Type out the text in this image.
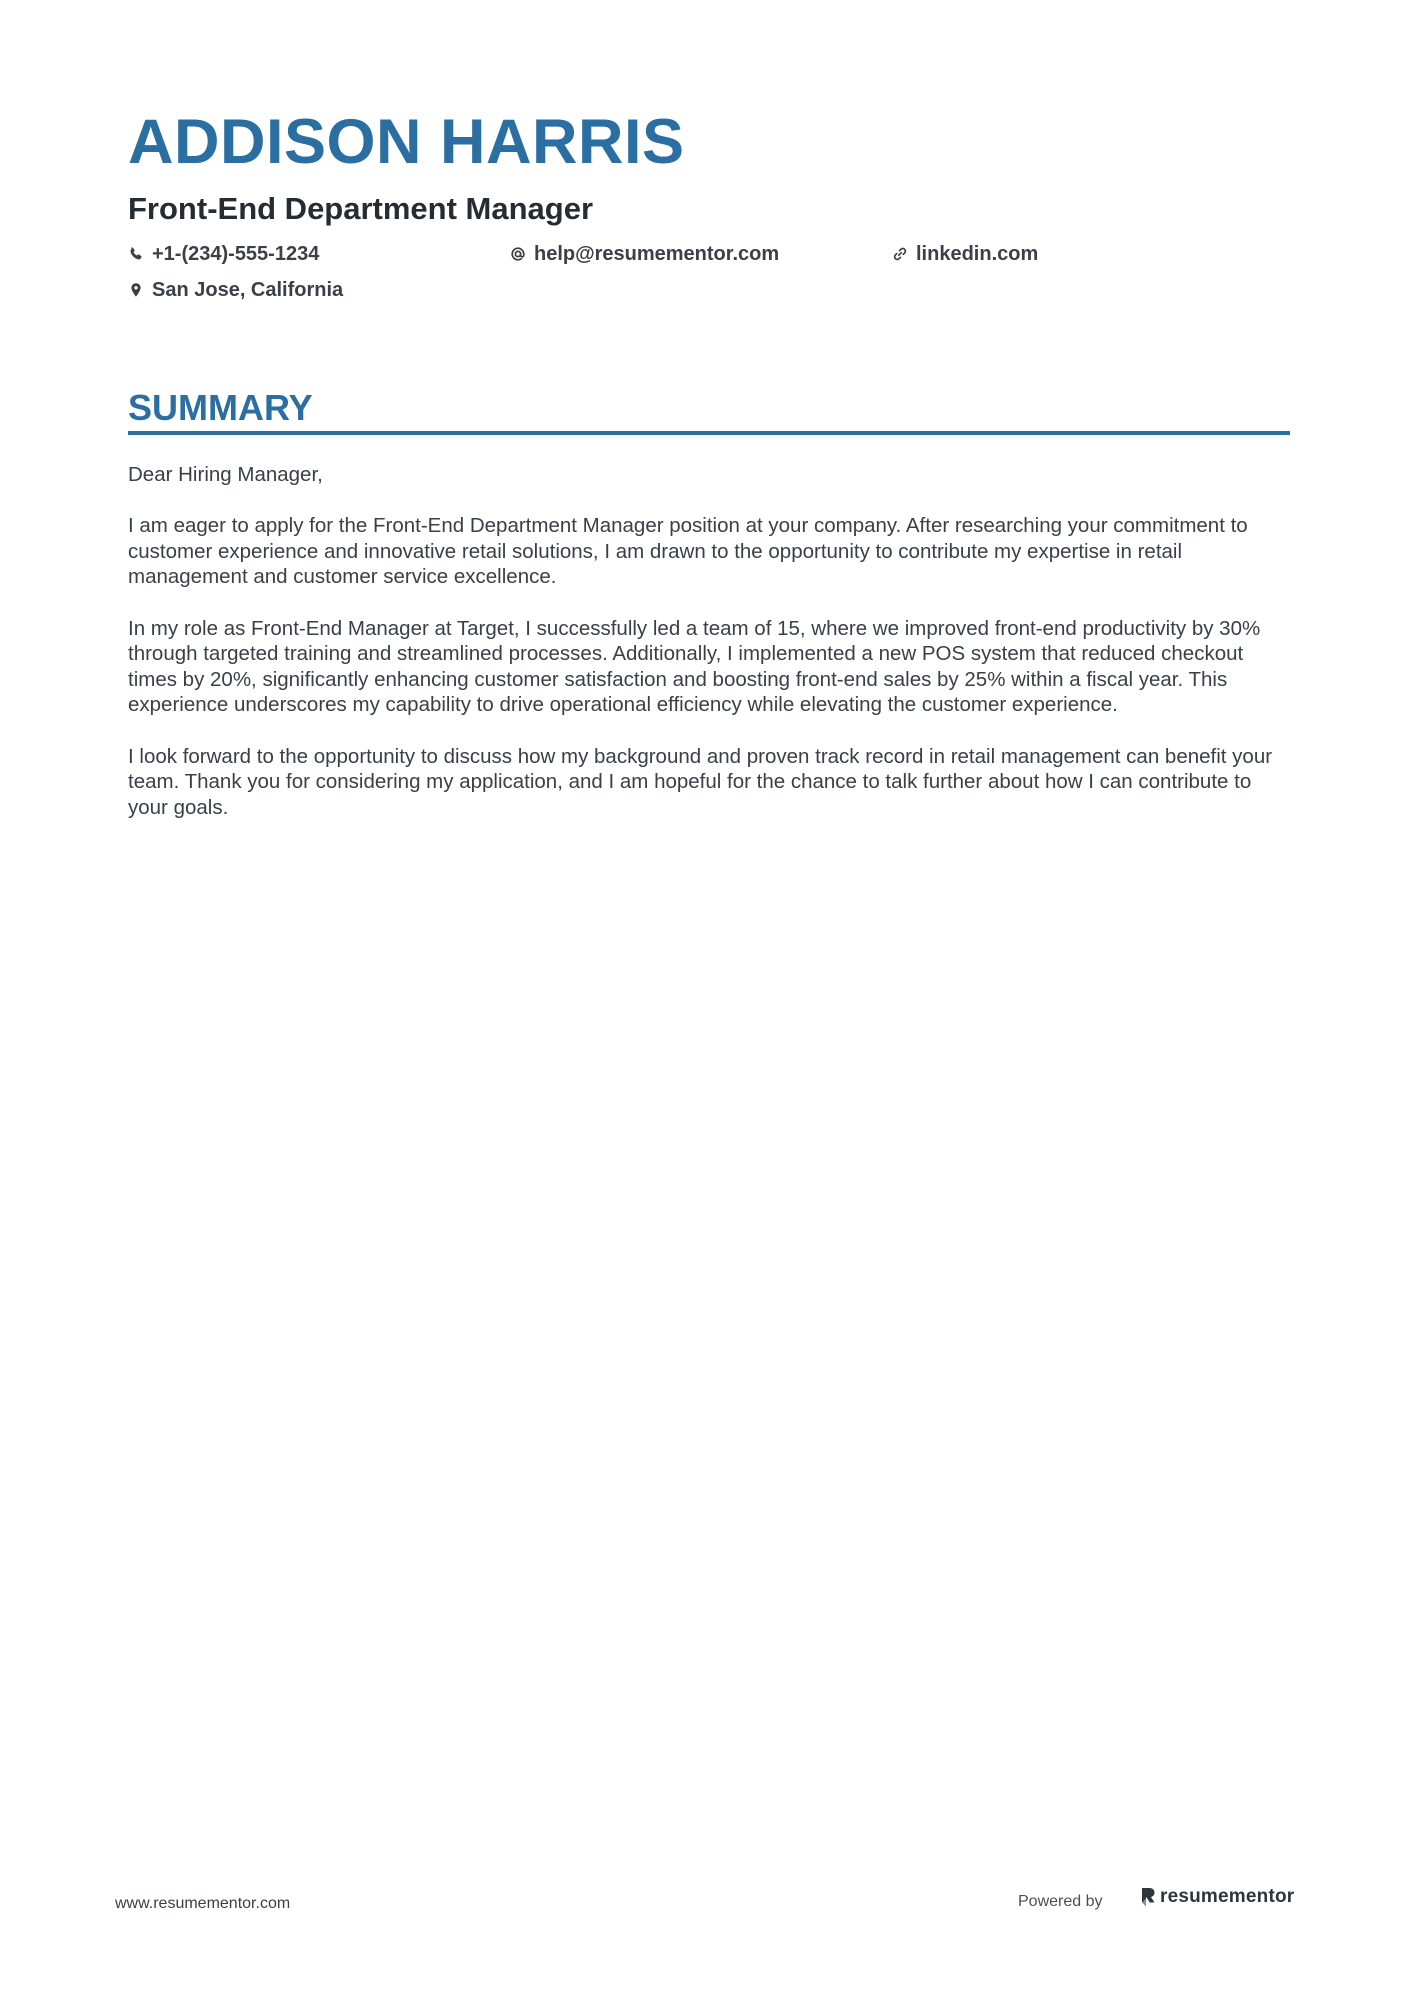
ADDISON HARRIS
Front-End Department Manager
+1-(234)-555-1234	help@resumementor.com	linkedin.com
San Jose, California
SUMMARY

Dear Hiring Manager,

I am eager to apply for the Front-End Department Manager position at your company. After researching your commitment to customer experience and innovative retail solutions, I am drawn to the opportunity to contribute my expertise in retail management and customer service excellence.

In my role as Front-End Manager at Target, I successfully led a team of 15, where we improved front-end productivity by 30% through targeted training and streamlined processes. Additionally, I implemented a new POS system that reduced checkout times by 20%, significantly enhancing customer satisfaction and boosting front-end sales by 25% within a fiscal year. This experience underscores my capability to drive operational efficiency while elevating the customer experience.

I look forward to the opportunity to discuss how my background and proven track record in retail management can benefit your team. Thank you for considering my application, and I am hopeful for the chance to talk further about how I can contribute to your goals.

www.resumementor.com	Powered by	resumementor
